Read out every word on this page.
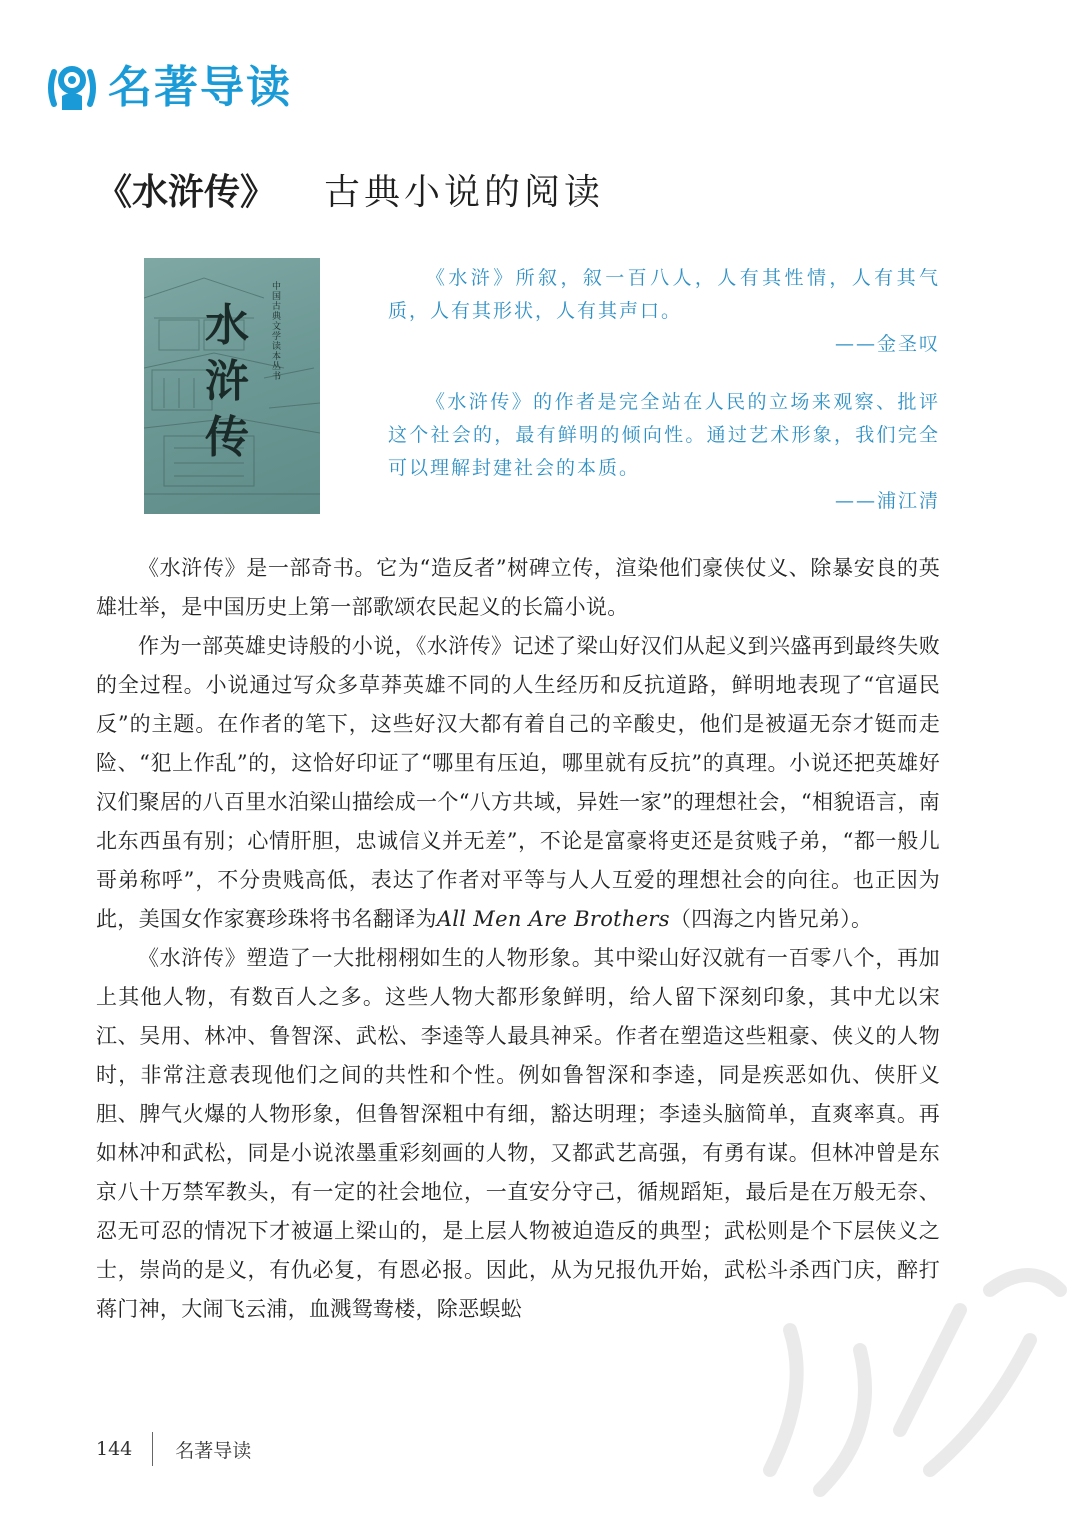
名著导读
《水浒传》 古典小说的阅读
水浒传
中国古典文学读本丛书

《水浒》所叙，叙一百八人，人有其性情，人有其气质，人有其形状，人有其声口。

——金圣叹

《水浒传》的作者是完全站在人民的立场来观察、批评这个社会的，最有鲜明的倾向性。通过艺术形象，我们完全可以理解封建社会的本质。

——浦江清

《水浒传》是一部奇书。它为“造反者”树碑立传，渲染他们豪侠仗义、除暴安良的英雄壮举，是中国历史上第一部歌颂农民起义的长篇小说。

作为一部英雄史诗般的小说，《水浒传》记述了梁山好汉们从起义到兴盛再到最终失败的全过程。小说通过写众多草莽英雄不同的人生经历和反抗道路，鲜明地表现了“官逼民反”的主题。在作者的笔下，这些好汉大都有着自己的辛酸史，他们是被逼无奈才铤而走险、“犯上作乱”的，这恰好印证了“哪里有压迫，哪里就有反抗”的真理。小说还把英雄好汉们聚居的八百里水泊梁山描绘成一个“八方共域，异姓一家”的理想社会，“相貌语言，南北东西虽有别；心情肝胆，忠诚信义并无差”，不论是富豪将吏还是贫贱子弟，“都一般儿哥弟称呼”，不分贵贱高低，表达了作者对平等与人人互爱的理想社会的向往。也正因为此，美国女作家赛珍珠将书名翻译为All Men Are Brothers（四海之内皆兄弟）。

《水浒传》塑造了一大批栩栩如生的人物形象。其中梁山好汉就有一百零八个，再加上其他人物，有数百人之多。这些人物大都形象鲜明，给人留下深刻印象，其中尤以宋江、吴用、林冲、鲁智深、武松、李逵等人最具神采。作者在塑造这些粗豪、侠义的人物时，非常注意表现他们之间的共性和个性。例如鲁智深和李逵，同是疾恶如仇、侠肝义胆、脾气火爆的人物形象，但鲁智深粗中有细，豁达明理；李逵头脑简单，直爽率真。再如林冲和武松，同是小说浓墨重彩刻画的人物，又都武艺高强，有勇有谋。但林冲曾是东京八十万禁军教头，有一定的社会地位，一直安分守己，循规蹈矩，最后是在万般无奈、忍无可忍的情况下才被逼上梁山的，是上层人物被迫造反的典型；武松则是个下层侠义之士，崇尚的是义，有仇必复，有恩必报。因此，从为兄报仇开始，武松斗杀西门庆，醉打蒋门神，大闹飞云浦，血溅鸳鸯楼，除恶蜈蚣

144 名著导读
